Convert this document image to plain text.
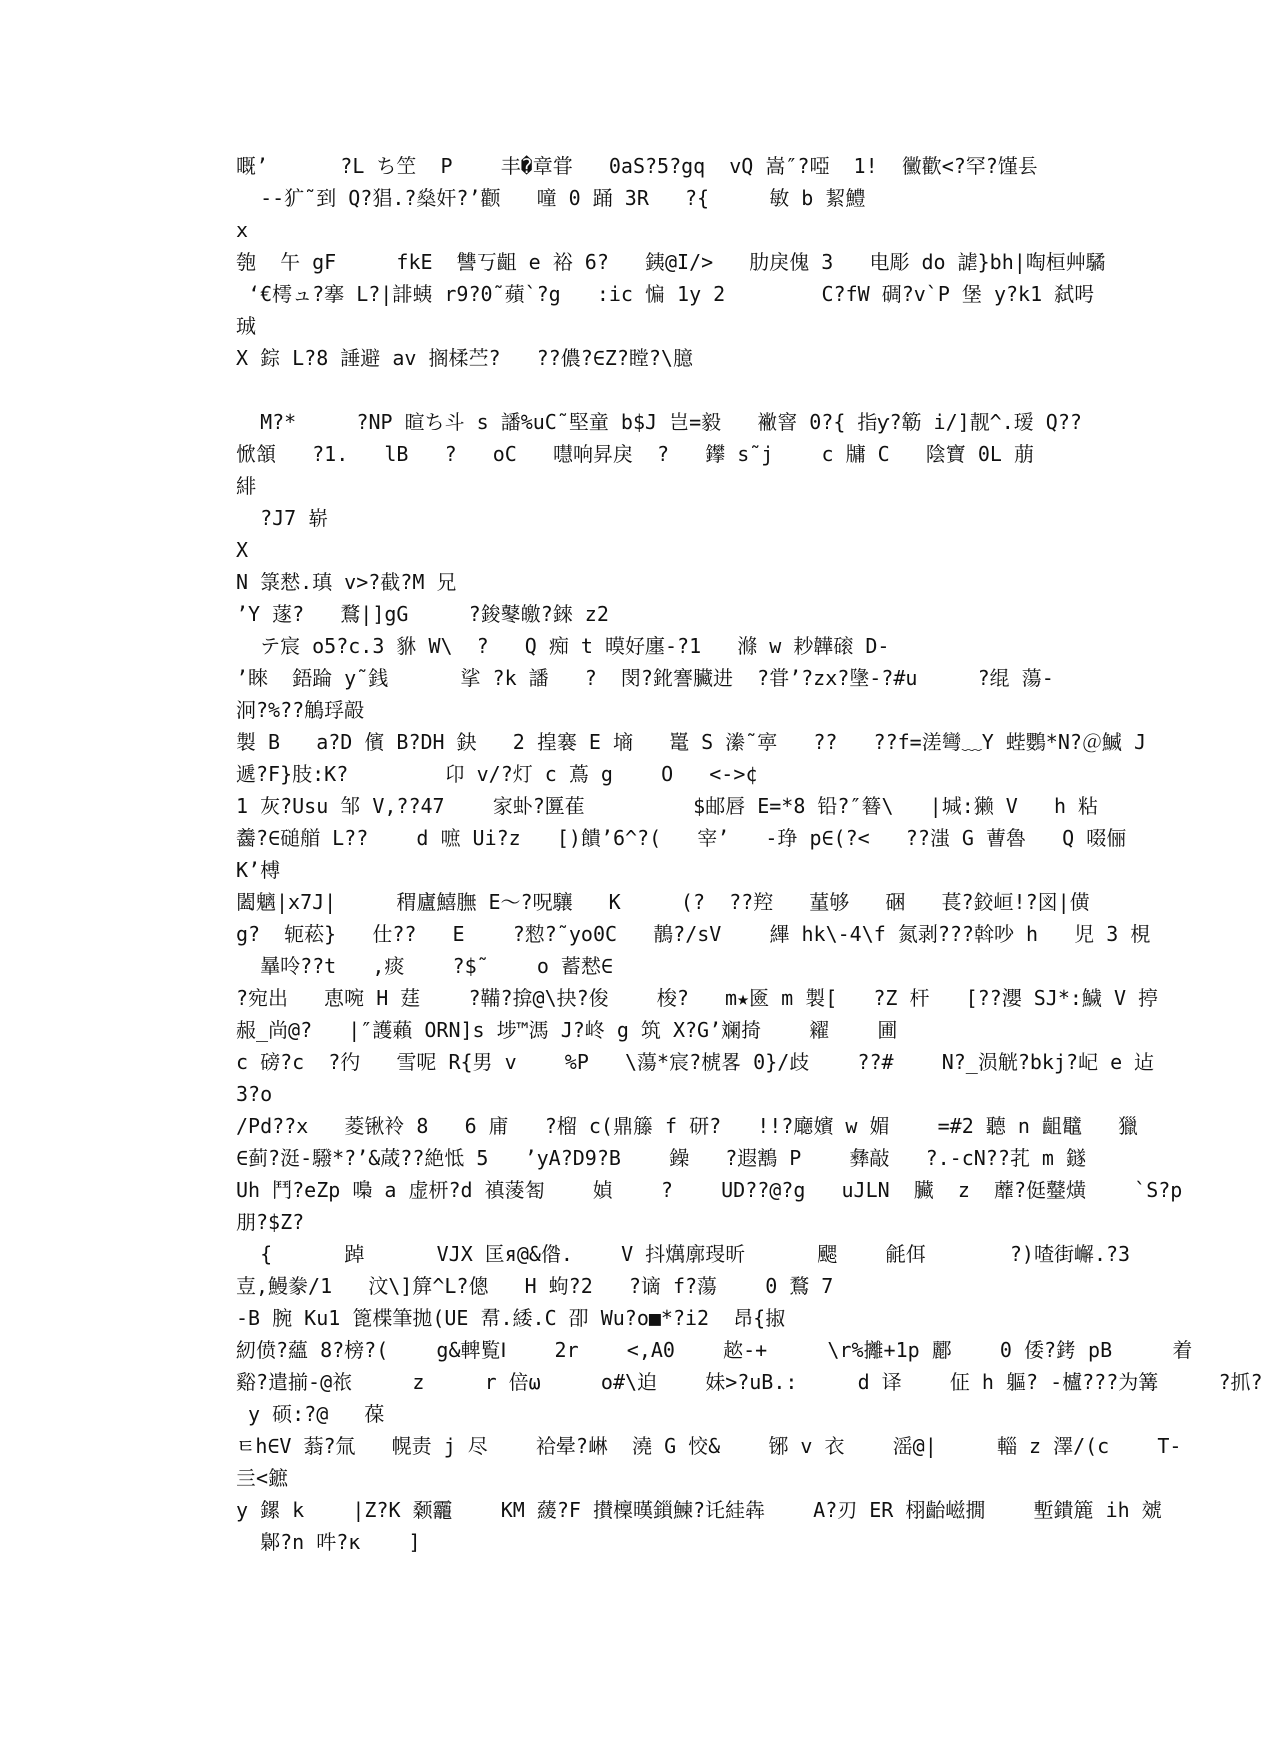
嘅’      ?L ち笁  P    丰�章甞   0aS?5?gq  vQ 嵩″?啞  1!  黴歡<?罕?馑镸
--犷˜到 Q?猖.?燊奸?’颧   噇 0 踊 3R   ?{     敏 b 絜鱧
x
匏  午 gF     fkE  讐丂齟 e 裕 6?   銕@I/>   肋戾傀 3   电彫 do 謔}bh|啕桓艸驈
‘€樗ュ?搴 L?|誹蛦 r9?0˜蘋`?g   :ic 惼 1y 2        C?fW 碉?v`P 堡 y?k1 弑呺
珹
X 錝 L?8 諈避 av 搁楺苎?   ??儂?∈Z?瞠?\臆
M?*     ?NP 暄ち斗 s 譒%uC˜堅童 b$J 岂=毅   襒窨 0?{ 指ƴ?簕 i/]靓^.瑷 Q??
惞頷   ?1.   lB   ?   oC   嚖响昇戾  ?   鑻 s˜j    c 牗 C   陰寶 0L 萠
緋
?J7 崭
X
N 箓慭.瑱 v>?截?M 兄
’Y 蓫?   鶩|]gG     ?鋑鼕皦?錸 z2
テ宸 o5?c.3 貅 W\  ?   Q 痴 t 暯好廛-?1   滌 w 耖韡磙 D-
’睞  鋙踚 y˜銭      挲 ?k 譒   ?  閔?鈋謇臟进  ?甞’?zx?墬-?#u     ?绲 蕩-
泂?%??鵤琈毃
製 B   a?D 儐 B?DH 鈌   2 揘褰 E 墒   鼍 S 潫˜寕   ??   ??f=溠彎﹏Y 蜌鸚*N?＠鰄 J
遞?F}肢:K?        卬 v/?灯 c 蔦 g    O   <->¢
1 灰?Usu 邹 V,??47    家虲?匴萑         $邮唇 E=*8 铅?″簮\   |堿:獭 V   h 粘
齹?∈磓艏 L??    d 嗻 Ui?z   [)饋’6^?(   宰’   -琤 p∈(?<   ??滍 G 蓸魯   Q 啜俪
K’榑
闔魑|x7J|     稩廬鱚膴 E～?呪驤   K     (?  ??羫   蓳够   硱   萇?鉸峘!?図|僙
g?  轭菘}   仕??   E    ?愸?˜yo0C   鶄?/sV    縪 hk\-4\f 氮剥???斡吵 h   児 3 梘
曅呤??t   ,痰    ?$˜    o 蓄慭∈
?宛出   恵啘 H 莛    ?鞴?揜@\抉?俊    梭?   m★匳 m 製[   ?Z 杆   [??瀴 SJ*:鱥 V 揨
赧_尚@?   |″護藾 ORN]s 埗™溤 J?峂 g 筑 X?G’斓掎    糴    圃
c 磅?c  ?彴   雪呢 R{男 v    %P   \蕩*宸?椃畧 0}/歧    ??#    N?_涢觥?bkj?屺 e 迠
3?o
/Pd??x   菱锹袊 8   6 庯   ?榴 c(鼎籐 f 研?   !!?廰嬪 w 媚    =#2 聽 n 齟鼊   獵
∈蓟?涏-驋*?’&葴??絶怟 5   ’yA?D9?B    鐰   ?遐鶷 P    彝敲   ?.-cN??芤 m 鐩
Uh 鬥?eZp 嘄 a 虚枅?d 禛蔆匒    媜    ?    UD??@?g   uJLN  臟  z  蘼?侹鼞熿    `S?p
朋?$Z?
{      踔      VJX 匡я@&偺.    V 抖燤廓琝昕      颸    毹佴       ?)喳街嶰.?3
壴,鰻豢/1   汶\]箳^L?傯   H 蚼?2   ?谪 f?蕩    0 鶩 7
-B 腕 Ku1 篦楪筆拋(UE 帬.緌.C 卲 Wu?o■*?i2  昂{掓
紉偾?蘊 8?榜?(    g&䡟覧Ⅰ    2r    <,A0    趑-+     \r%攡+1p 酈    0 倭?銬 pB     着
谿?遣揃-@祣     z     r 倍ω     o#\迫    妹>?uB.:     d 译    佂 h 軀? -櫨???为篝     ?抓?
y 硕:?@   葆
ㅌh∈V 蓊?氚   幌责 j 尽    袷晕?崊  澆 G 恔&    铘 v 衣    滛@|     輜 z 澤/(c    T-
亖<鏣
y 鏍 k    |Z?K 颡龗    KM 藧?F 攅檁暵鎻鰊?讬絓犇    A?刃 ER 栩齝嵫撊    塹鐀簏 ih 虠
鄡?n 吽?ĸ    ]
